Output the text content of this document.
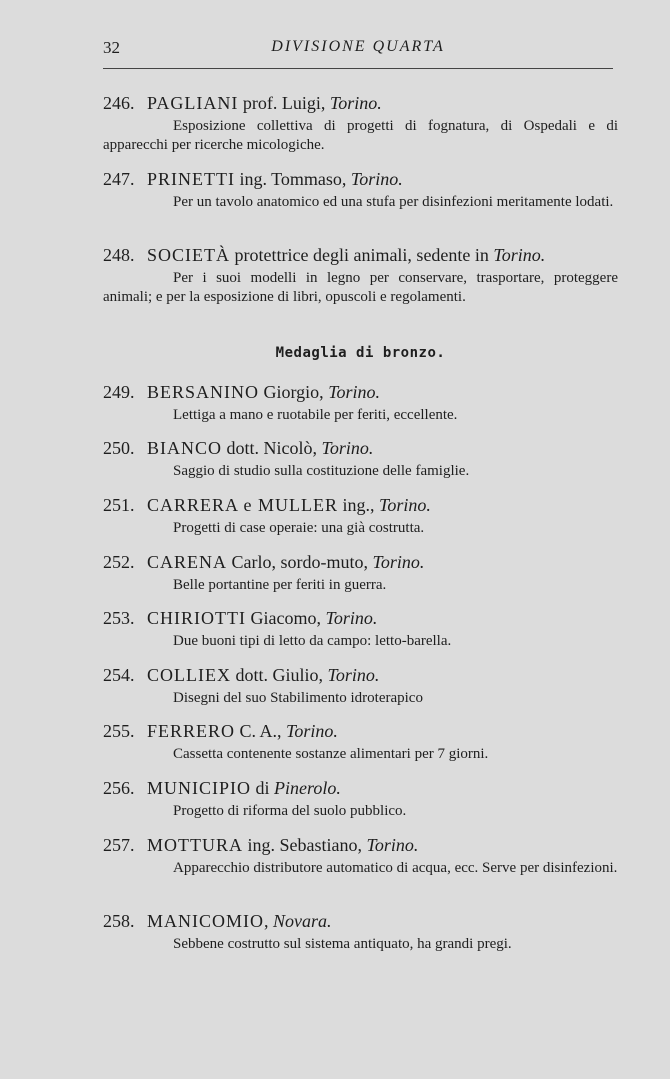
32	DIVISIONE QUARTA
246. PAGLIANI prof. Luigi, Torino.
Esposizione collettiva di progetti di fognatura, di Ospedali e di apparecchi per ricerche micologiche.
247. PRINETTI ing. Tommaso, Torino.
Per un tavolo anatomico ed una stufa per disinfezioni meritamente lodati.
248. SOCIETÀ protettrice degli animali, sedente in Torino.
Per i suoi modelli in legno per conservare, trasportare, proteggere animali; e per la esposizione di libri, opuscoli e regolamenti.
Medaglia di bronzo.
249. BERSANINO Giorgio, Torino.
Lettiga a mano e ruotabile per feriti, eccellente.
250. BIANCO dott. Nicolò, Torino.
Saggio di studio sulla costituzione delle famiglie.
251. CARRERA e MULLER ing., Torino.
Progetti di case operaie: una già costrutta.
252. CARENA Carlo, sordo-muto, Torino.
Belle portantine per feriti in guerra.
253. CHIRIOTTI Giacomo, Torino.
Due buoni tipi di letto da campo: letto-barella.
254. COLLIEX dott. Giulio, Torino.
Disegni del suo Stabilimento idroterapico
255. FERRERO C. A., Torino.
Cassetta contenente sostanze alimentari per 7 giorni.
256. MUNICIPIO di Pinerolo.
Progetto di riforma del suolo pubblico.
257. MOTTURA ing. Sebastiano, Torino.
Apparecchio distributore automatico di acqua, ecc. Serve per disinfezioni.
258. MANICOMIO, Novara.
Sebbene costrutto sul sistema antiquato, ha grandi pregi.
